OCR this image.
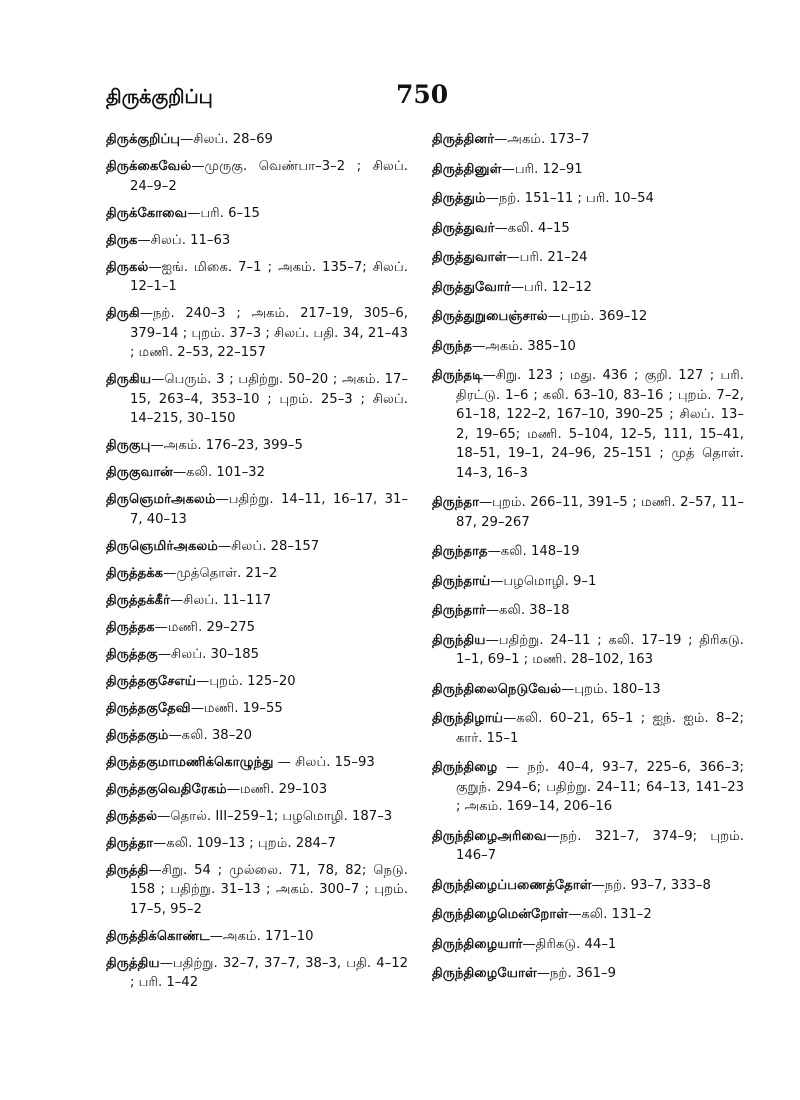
திருக்குறிப்பு	750
திருக்குறிப்பு—சிலப். 28–69
திருக்கைவேல்—முருகு. வெண்பா–3–2 ; சிலப். 24–9–2
திருக்கோவை—பரி. 6–15
திருக—சிலப். 11–63
திருகல்—ஐங். மிகை. 7–1 ; அகம். 135–7; சிலப். 12–1–1
திருகி—நற். 240–3 ; அகம். 217–19, 305–6, 379–14 ; புறம். 37–3 ; சிலப். பதி. 34, 21–43 ; மணி. 2–53, 22–157
திருகிய—பெரும். 3 ; பதிற்று. 50–20 ; அகம். 17–15, 263–4, 353–10 ; புறம். 25–3 ; சிலப். 14–215, 30–150
திருகுபு—அகம். 176–23, 399–5
திருகுவான்—கலி. 101–32
திருஞெமர்அகலம்—பதிற்று. 14–11, 16–17, 31–7, 40–13
திருஞெமிர்அகலம்—சிலப். 28–157
திருத்தக்க—முத்தொள். 21–2
திருத்தக்கீர்—சிலப். 11–117
திருத்தக—மணி. 29–275
திருத்தகு—சிலப். 30–185
திருத்தகுசேஎய்—புறம். 125–20
திருத்தகுதேவி—மணி. 19–55
திருத்தகும்—கலி. 38–20
திருத்தகுமாமணிக்கொழுந்து — சிலப். 15–93
திருத்தகுவெதிரேகம்—மணி. 29–103
திருத்தல்—தொல். III–259–1; பழமொழி. 187–3
திருத்தா—கலி. 109–13 ; புறம். 284–7
திருத்தி—சிறு. 54 ; முல்லை. 71, 78, 82; நெடு. 158 ; பதிற்று. 31–13 ; அகம். 300–7 ; புறம். 17–5, 95–2
திருத்திக்கொண்ட—அகம். 171–10
திருத்திய—பதிற்று. 32–7, 37–7, 38–3, பதி. 4–12 ; பரி. 1–42
திருத்தினர்—அகம். 173–7
திருத்தினுள்—பரி. 12–91
திருத்தும்—நற். 151–11 ; பரி. 10–54
திருத்துவர்—கலி. 4–15
திருத்துவாள்—பரி. 21–24
திருத்துவோர்—பரி. 12–12
திருத்துறுபைஞ்சால்—புறம். 369–12
திருந்த—அகம். 385–10
திருந்தடி—சிறு. 123 ; மது. 436 ; குறி. 127 ; பரி. திரட்டு. 1–6 ; கலி. 63–10, 83–16 ; புறம். 7–2, 61–18, 122–2, 167–10, 390–25 ; சிலப். 13–2, 19–65; மணி. 5–104, 12–5, 111, 15–41, 18–51, 19–1, 24–96, 25–151 ; முத் தொள். 14–3, 16–3
திருந்தா—புறம். 266–11, 391–5 ; மணி. 2–57, 11–87, 29–267
திருந்தாத—கலி. 148–19
திருந்தாய்—பழமொழி. 9–1
திருந்தார்—கலி. 38–18
திருந்திய—பதிற்று. 24–11 ; கலி. 17–19 ; திரிகடு. 1–1, 69–1 ; மணி. 28–102, 163
திருந்திலைநெடுவேல்—புறம். 180–13
திருந்திழாய்—கலி. 60–21, 65–1 ; ஐந். ஐம். 8–2; கார். 15–1
திருந்திழை — நற். 40–4, 93–7, 225–6, 366–3; குறுந். 294–6; பதிற்று. 24–11; 64–13, 141–23 ; அகம். 169–14, 206–16
திருந்திழைஅரிவை—நற். 321–7, 374–9; புறம். 146–7
திருந்திழைப்பணைத்தோள்—நற். 93–7, 333–8
திருந்திழைமென்றோள்—கலி. 131–2
திருந்திழையார்—திரிகடு. 44–1
திருந்திழையோள்—நற். 361–9
